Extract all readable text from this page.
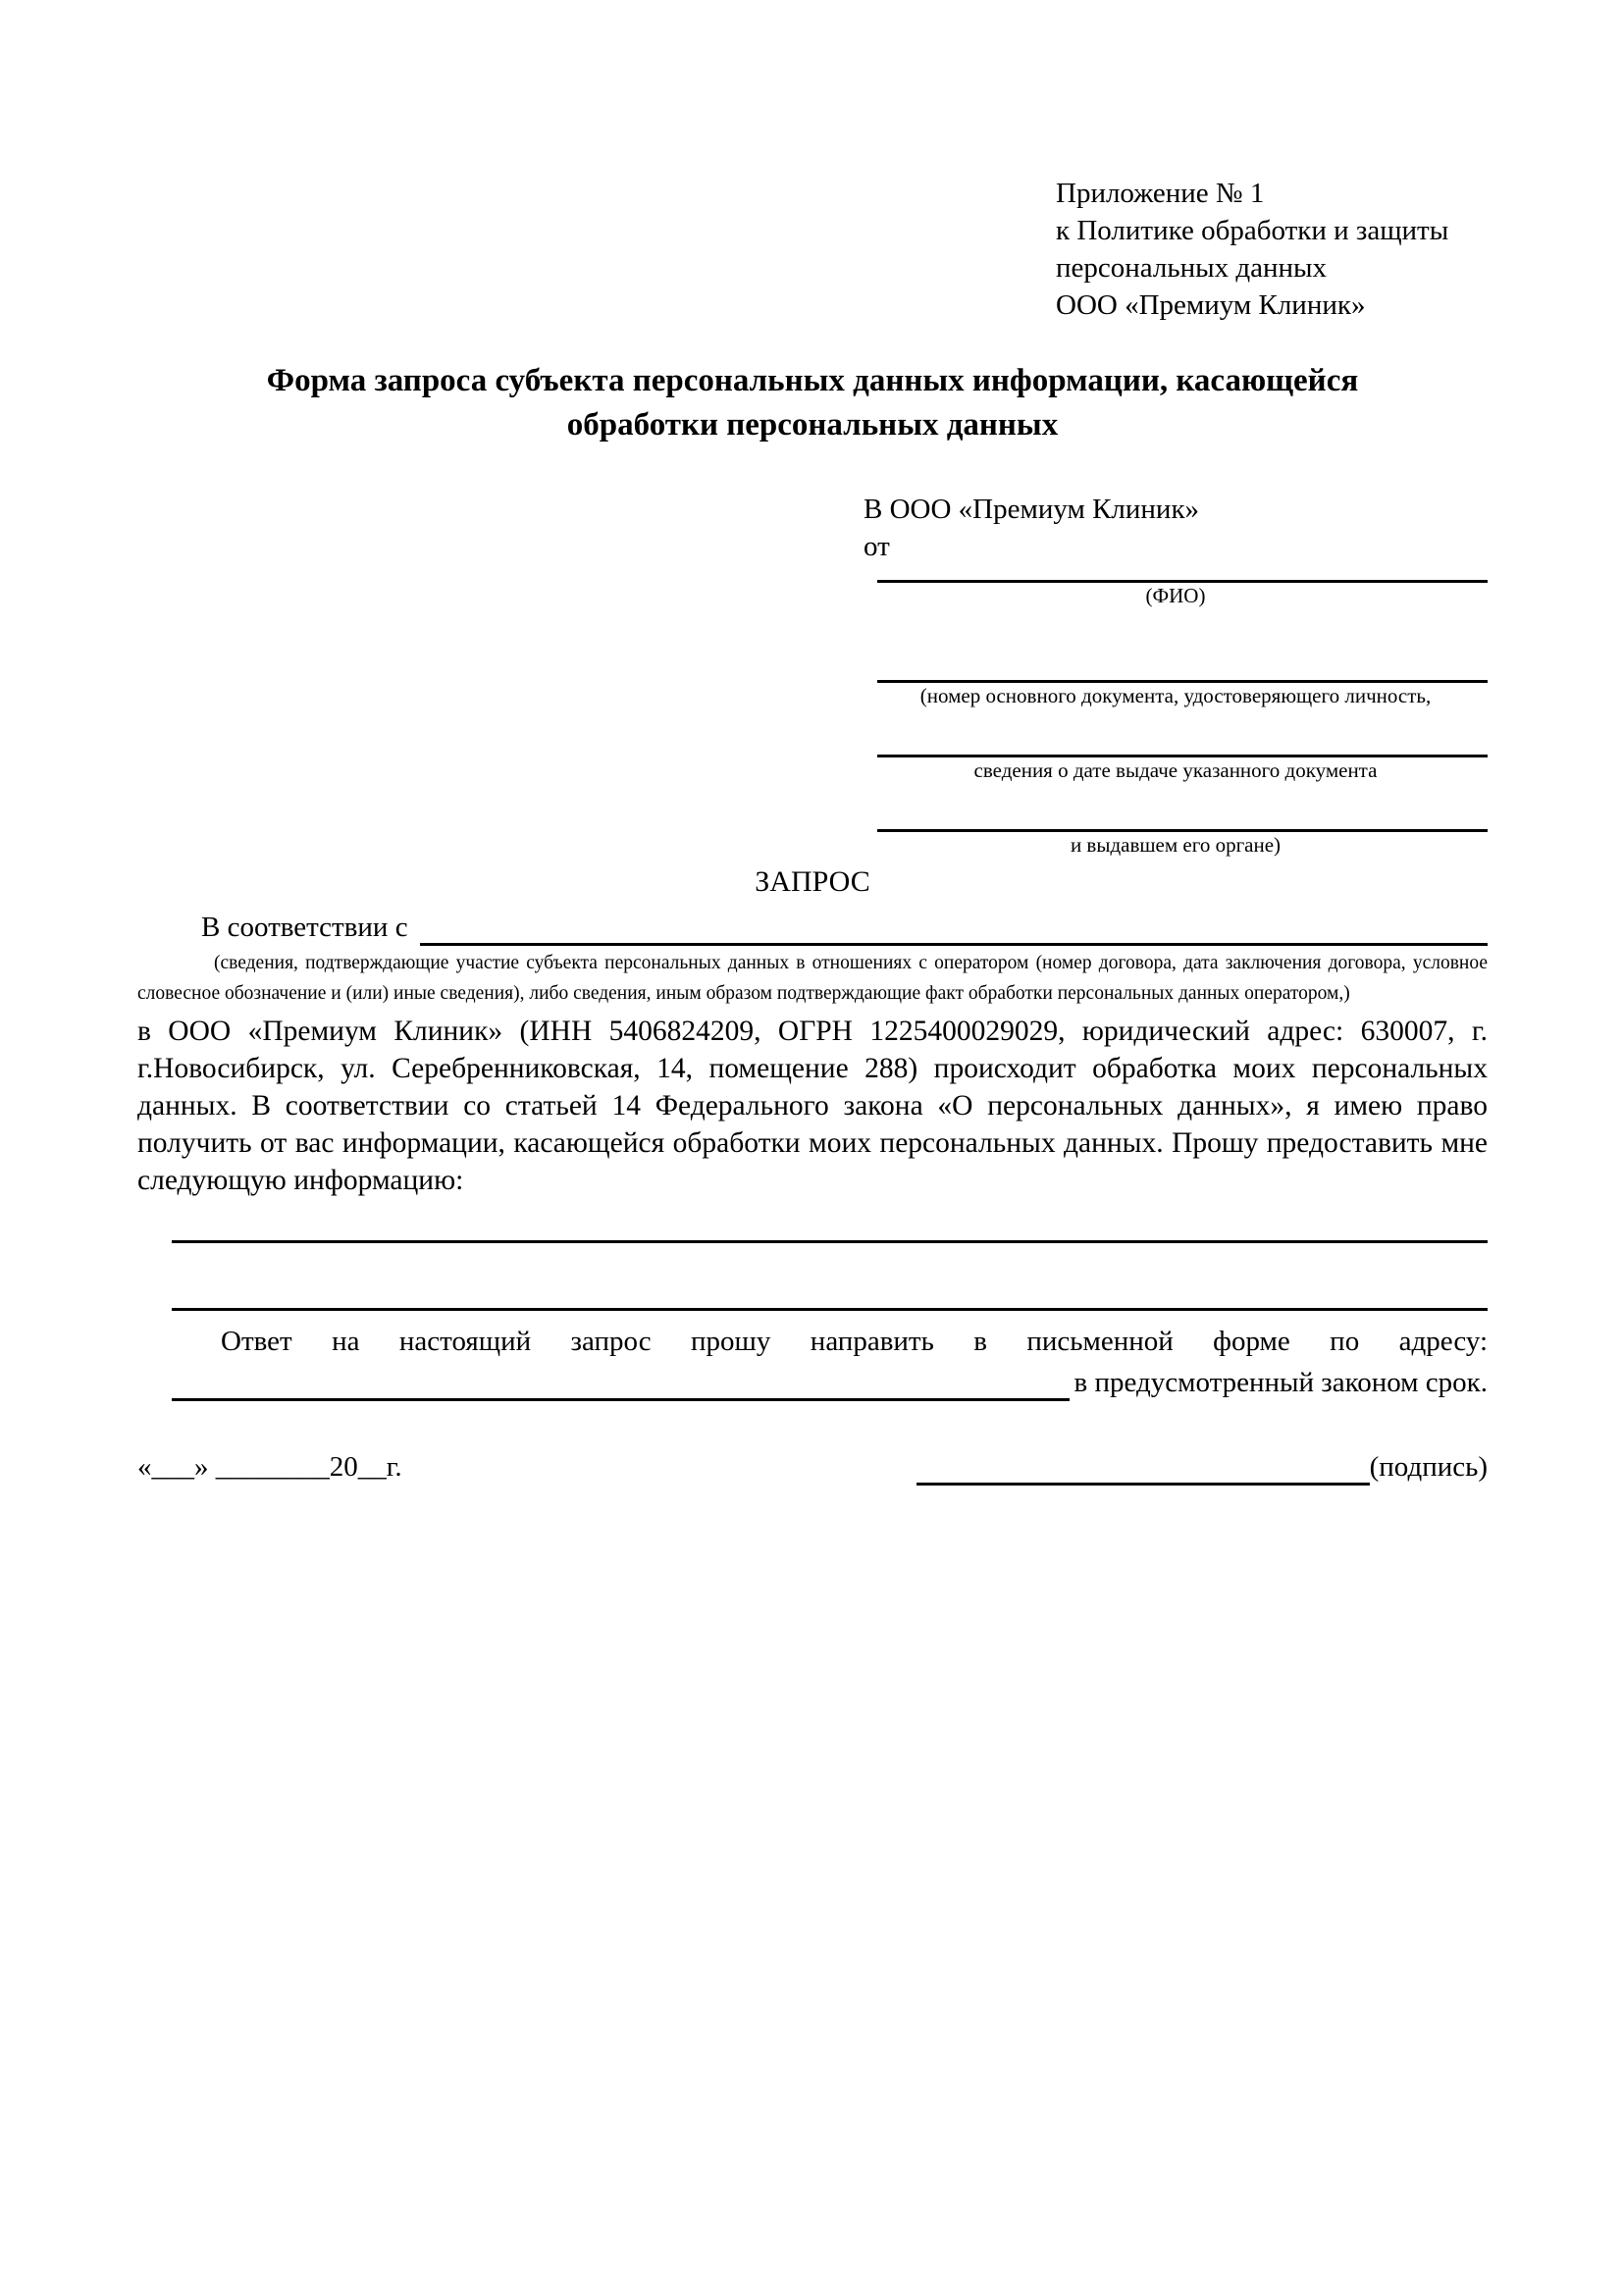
Приложение № 1
к Политике обработки и защиты
персональных данных
ООО «Премиум Клиник»
Форма запроса субъекта персональных данных информации, касающейся обработки персональных данных
В ООО «Премиум Клиник»
от
(ФИО)
(номер основного документа, удостоверяющего личность,
сведения о дате выдаче указанного документа
и выдавшем его органе)
ЗАПРОС
В соответствии с
(сведения, подтверждающие участие субъекта персональных данных в отношениях с оператором (номер договора, дата заключения договора, условное словесное обозначение и (или) иные сведения), либо сведения, иным образом подтверждающие факт обработки персональных данных оператором,)
в ООО «Премиум Клиник» (ИНН 5406824209, ОГРН 1225400029029, юридический адрес: 630007, г. г.Новосибирск, ул. Серебренниковская, 14, помещение 288) происходит обработка моих персональных данных. В соответствии со статьей 14 Федерального закона «О персональных данных», я имею право получить от вас информации, касающейся обработки моих персональных данных. Прошу предоставить мне следующую информацию:
Ответ на настоящий запрос прошу направить в письменной форме по адресу:
в предусмотренный законом срок.
«___» ________20__г.	(подпись)
